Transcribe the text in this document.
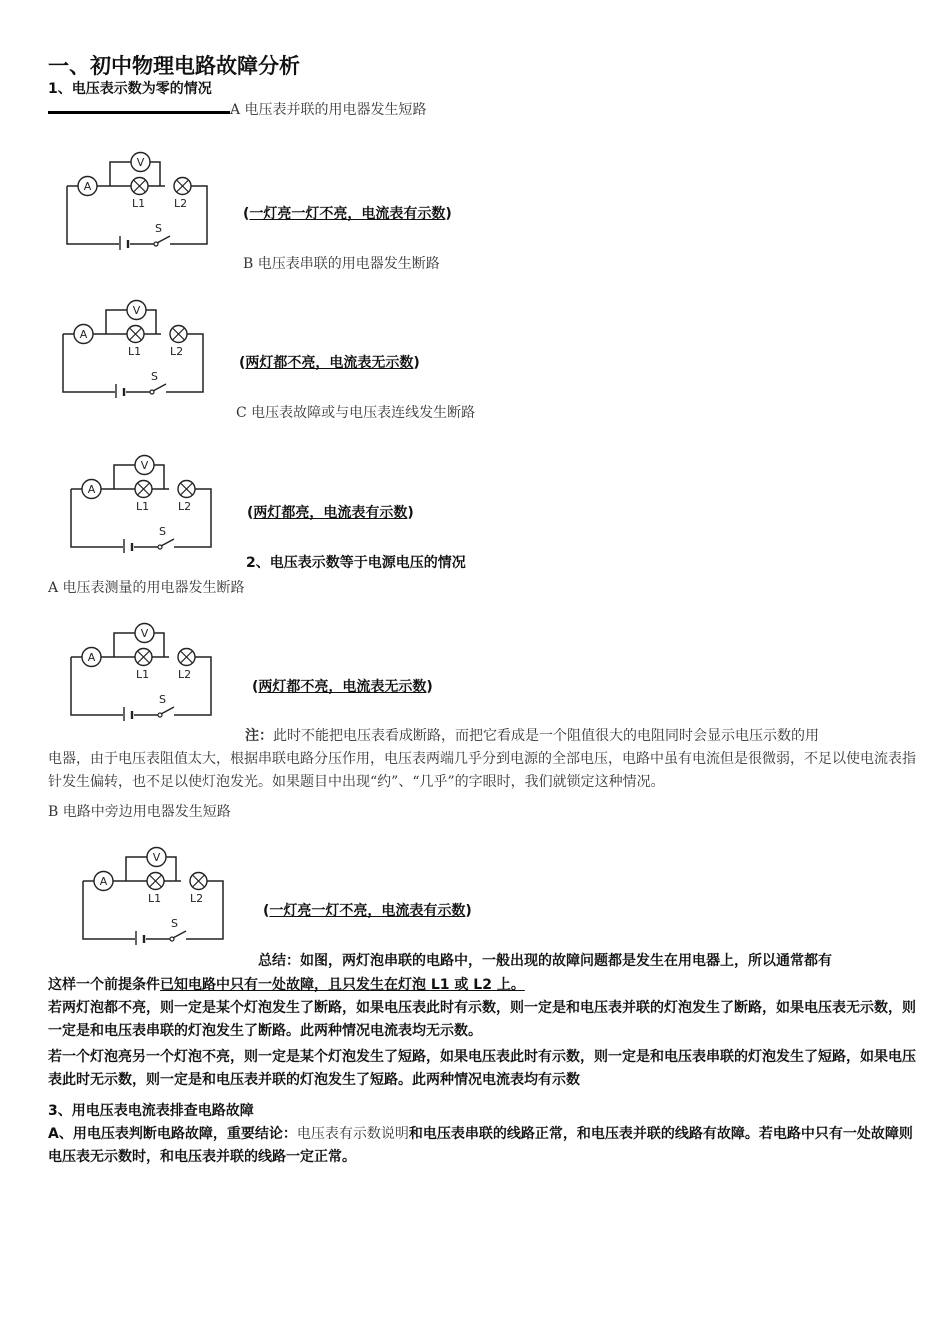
一、初中物理电路故障分析
1、电压表示数为零的情况
A 电压表并联的用电器发生短路
A
V
L1	L2
S
(一灯亮一灯不亮，电流表有示数)
B 电压表串联的用电器发生断路
A
V
L1	L2
S
(两灯都不亮，电流表无示数)
C 电压表故障或与电压表连线发生断路
A
V
L1	L2
S
(两灯都亮，电流表有示数)
2、电压表示数等于电源电压的情况
A 电压表测量的用电器发生断路
A
V
L1	L2
S
(两灯都不亮，电流表无示数)
注：此时不能把电压表看成断路，而把它看成是一个阻值很大的电阻同时会显示电压示数的用
电器，由于电压表阻值太大，根据串联电路分压作用，电压表两端几乎分到电源的全部电压，电路中虽有电流但是很微弱，不足以使电流表指针发生偏转，也不足以使灯泡发光。如果题目中出现“约”、“几乎”的字眼时，我们就锁定这种情况。
B 电路中旁边用电器发生短路
A
V
L1	L2
S
(一灯亮一灯不亮，电流表有示数)
总结：如图，两灯泡串联的电路中，一般出现的故障问题都是发生在用电器上，所以通常都有
这样一个前提条件已知电路中只有一处故障，且只发生在灯泡 L1 或 L2 上。
若两灯泡都不亮，则一定是某个灯泡发生了断路，如果电压表此时有示数，则一定是和电压表并联的灯泡发生了断路，如果电压表无示数，则一定是和电压表串联的灯泡发生了断路。此两种情况电流表均无示数。
若一个灯泡亮另一个灯泡不亮，则一定是某个灯泡发生了短路，如果电压表此时有示数，则一定是和电压表串联的灯泡发生了短路，如果电压表此时无示数，则一定是和电压表并联的灯泡发生了短路。此两种情况电流表均有示数
3、用电压表电流表排查电路故障
A、用电压表判断电路故障，重要结论：电压表有示数说明和电压表串联的线路正常，和电压表并联的线路有故障。若电路中只有一处故障则电压表无示数时，和电压表并联的线路一定正常。
